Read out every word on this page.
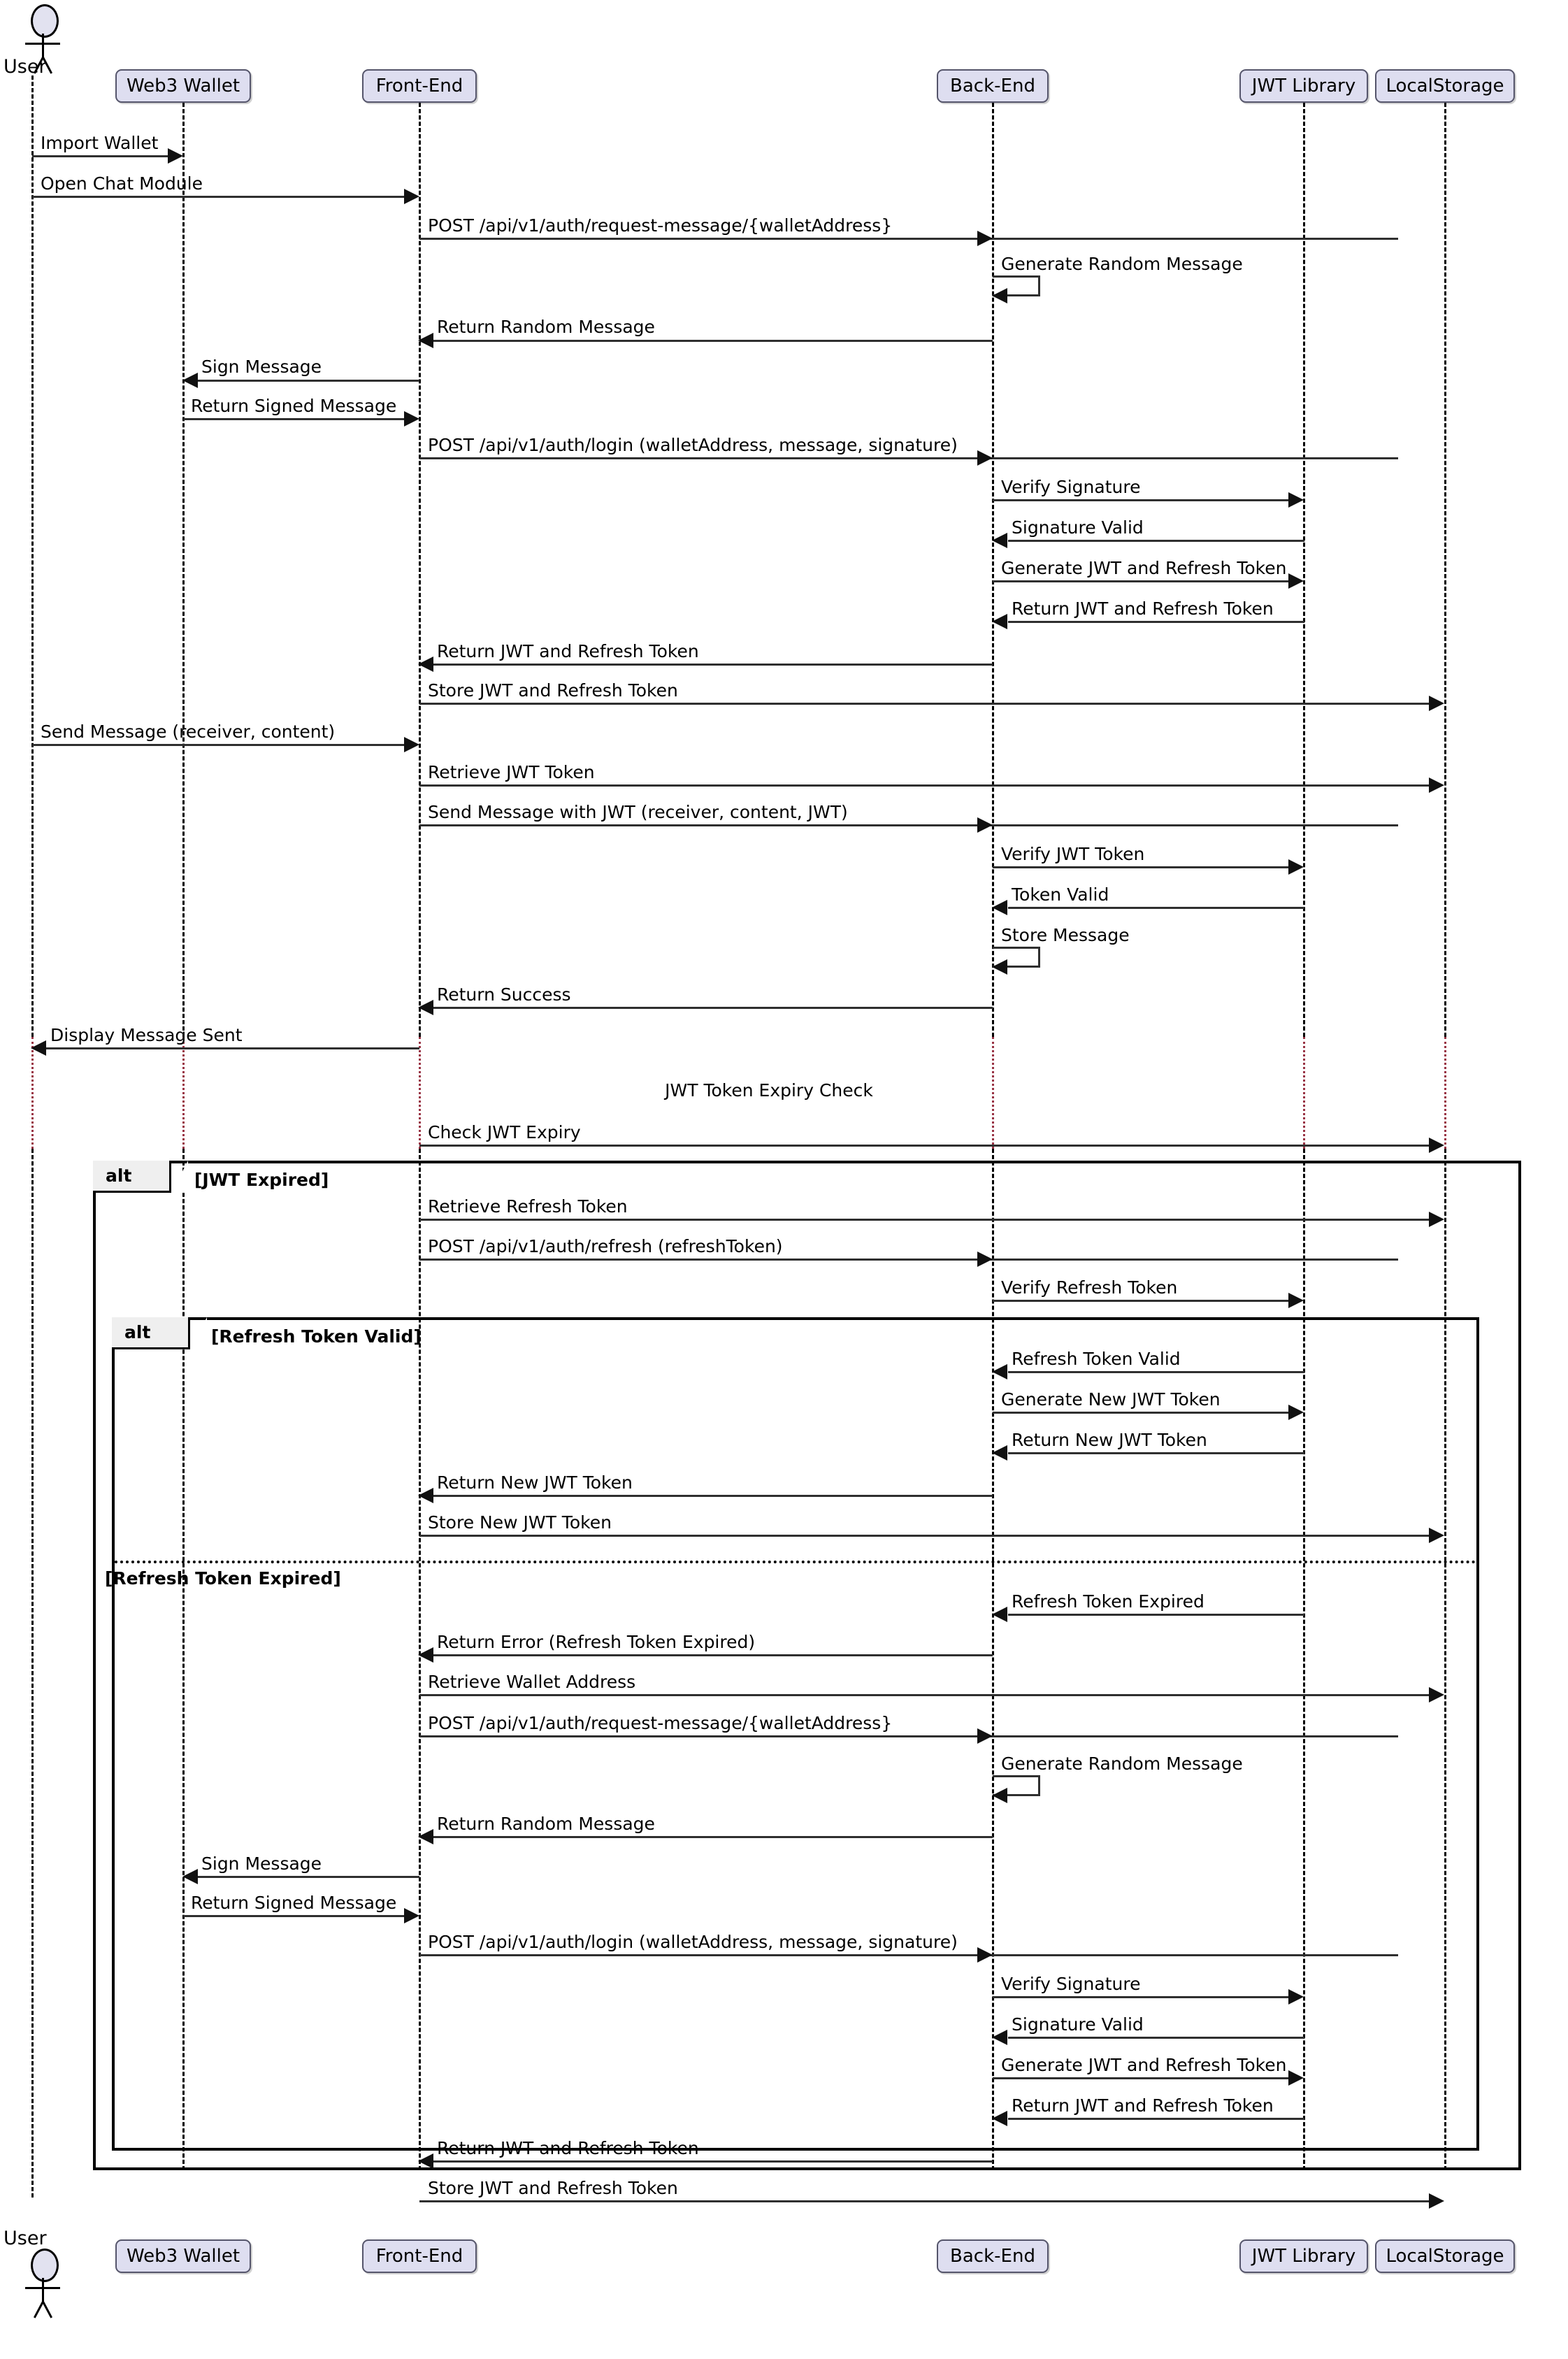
User
Web3 Wallet	Front-End	Back-End	JWT Library LocalStorage
Import Wallet
Open Chat Module
POST /api/v1/auth/request-message/{walletAddress}
Generate Random Message
Return Random Message
Sign Message
Return Signed Message
POST /api/v1/auth/login (walletAddress, message, signature)
Verify Signature
Signature Valid
Generate JWT and Refresh Token
Return JWT and Refresh Token
Return JWT and Refresh Token
Store JWT and Refresh Token
Send Message (receiver, content)
Retrieve JWT Token
Send Message with JWT (receiver, content, JWT)
Verify JWT Token
Token Valid
Store Message
Return Success
Display Message Sent
JWT Token Expiry Check
Check JWT Expiry
alt	[JWT Expired]
Retrieve Refresh Token
POST /api/v1/auth/refresh (refreshToken)
Verify Refresh Token
alt	[Refresh Token Valid]
Refresh Token Valid
Generate New JWT Token
Return New JWT Token
Return New JWT Token
Store New JWT Token
[Refresh Token Expired]
Refresh Token Expired
Return Error (Refresh Token Expired)
Retrieve Wallet Address
POST /api/v1/auth/request-message/{walletAddress}
Generate Random Message
Return Random Message
Sign Message
Return Signed Message
POST /api/v1/auth/login (walletAddress, message, signature)
Verify Signature
Signature Valid
Generate JWT and Refresh Token
Return JWT and Refresh Token
Return JWT and Refresh Token
Store JWT and Refresh Token
Web3 Wallet	Front-End	Back-End	JWT Library LocalStorage
User
